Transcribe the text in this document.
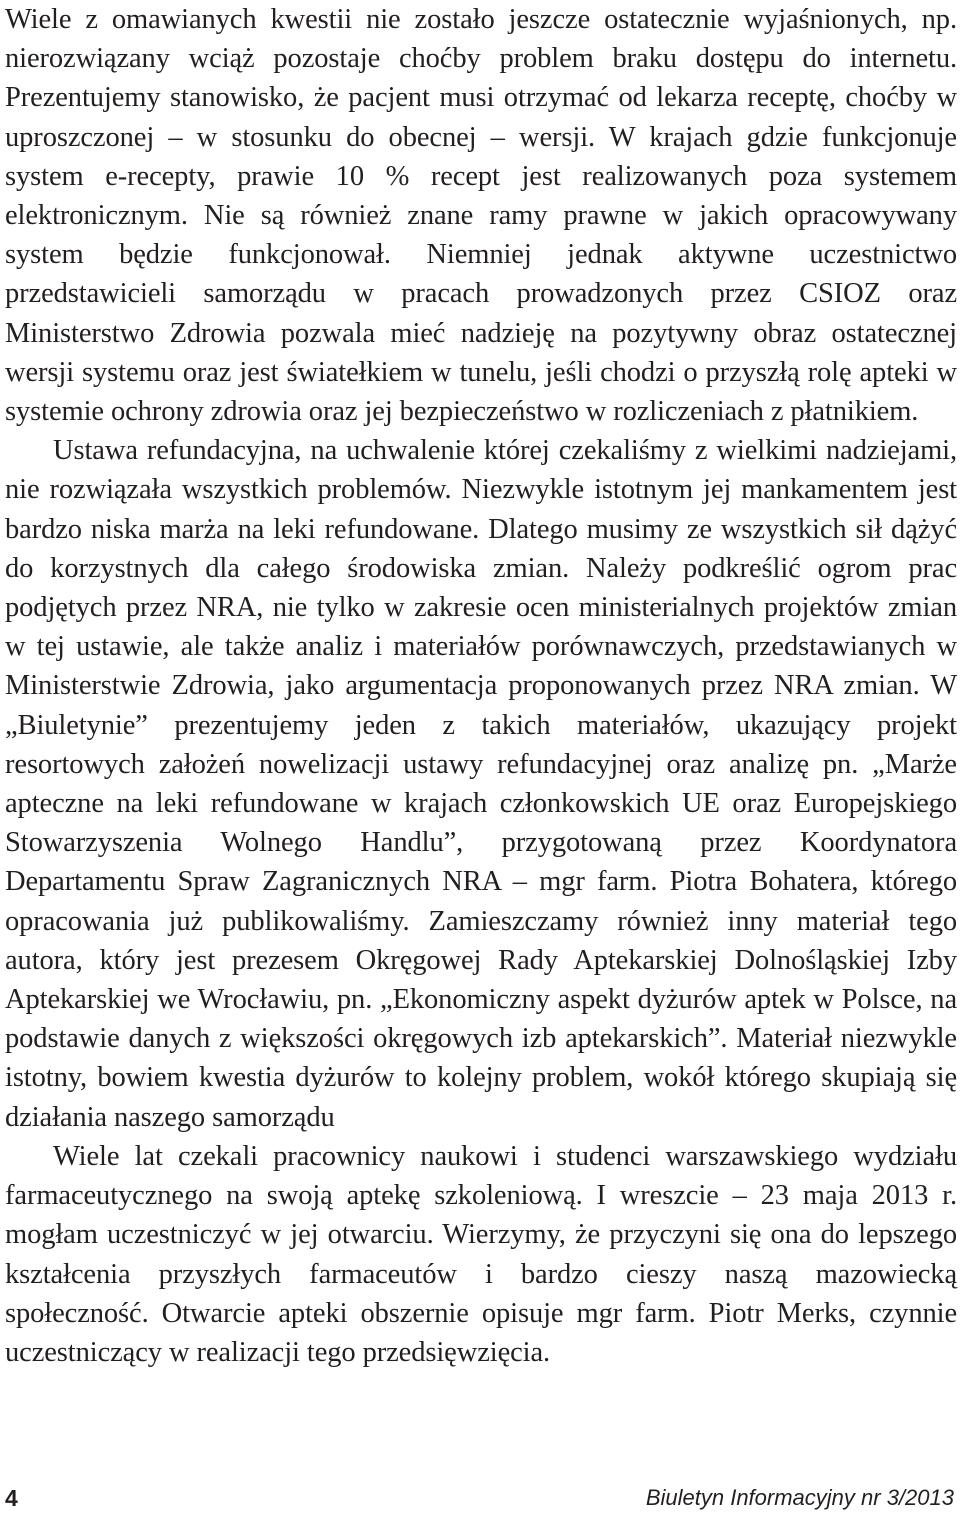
Wiele z omawianych kwestii nie zostało jeszcze ostatecznie wyjaśnionych, np. nierozwiązany wciąż pozostaje choćby problem braku dostępu do internetu. Prezentujemy stanowisko, że pacjent musi otrzymać od lekarza receptę, choćby w uproszczonej – w stosunku do obecnej – wersji. W krajach gdzie funkcjonuje system e-recepty, prawie 10 % recept jest realizowanych poza systemem elektronicznym. Nie są również znane ramy prawne w jakich opracowywany system będzie funkcjonował. Niemniej jednak aktywne uczestnictwo przedstawicieli samorządu w pracach prowadzonych przez CSIOZ oraz Ministerstwo Zdrowia pozwala mieć nadzieję na pozytywny obraz ostatecznej wersji systemu oraz jest światełkiem w tunelu, jeśli chodzi o przyszłą rolę apteki w systemie ochrony zdrowia oraz jej bezpieczeństwo w rozliczeniach z płatnikiem.

Ustawa refundacyjna, na uchwalenie której czekaliśmy z wielkimi nadziejami, nie rozwiązała wszystkich problemów. Niezwykle istotnym jej mankamentem jest bardzo niska marża na leki refundowane. Dlatego musimy ze wszystkich sił dążyć do korzystnych dla całego środowiska zmian. Należy podkreślić ogrom prac podjętych przez NRA, nie tylko w zakresie ocen ministerialnych projektów zmian w tej ustawie, ale także analiz i materiałów porównawczych, przedstawianych w Ministerstwie Zdrowia, jako argumentacja proponowanych przez NRA zmian. W „Biuletynie” prezentujemy jeden z takich materiałów, ukazujący projekt resortowych założeń nowelizacji ustawy refundacyjnej oraz analizę pn. „Marże apteczne na leki refundowane w krajach członkowskich UE oraz Europejskiego Stowarzyszenia Wolnego Handlu”, przygotowaną przez Koordynatora Departamentu Spraw Zagranicznych NRA – mgr farm. Piotra Bohatera, którego opracowania już publikowaliśmy. Zamieszczamy również inny materiał tego autora, który jest prezesem Okręgowej Rady Aptekarskiej Dolnośląskiej Izby Aptekarskiej we Wrocławiu, pn. „Ekonomiczny aspekt dyżurów aptek w Polsce, na podstawie danych z większości okręgowych izb aptekarskich”. Materiał niezwykle istotny, bowiem kwestia dyżurów to kolejny problem, wokół którego skupiają się działania naszego samorządu

Wiele lat czekali pracownicy naukowi i studenci warszawskiego wydziału farmaceutycznego na swoją aptekę szkoleniową. I wreszcie – 23 maja 2013 r. mogłam uczestniczyć w jej otwarciu. Wierzymy, że przyczyni się ona do lepszego kształcenia przyszłych farmaceutów i bardzo cieszy naszą mazowiecką społeczność. Otwarcie apteki obszernie opisuje mgr farm. Piotr Merks, czynnie uczestniczący w realizacji tego przedsięwzięcia.

4	Biuletyn Informacyjny nr 3/2013
